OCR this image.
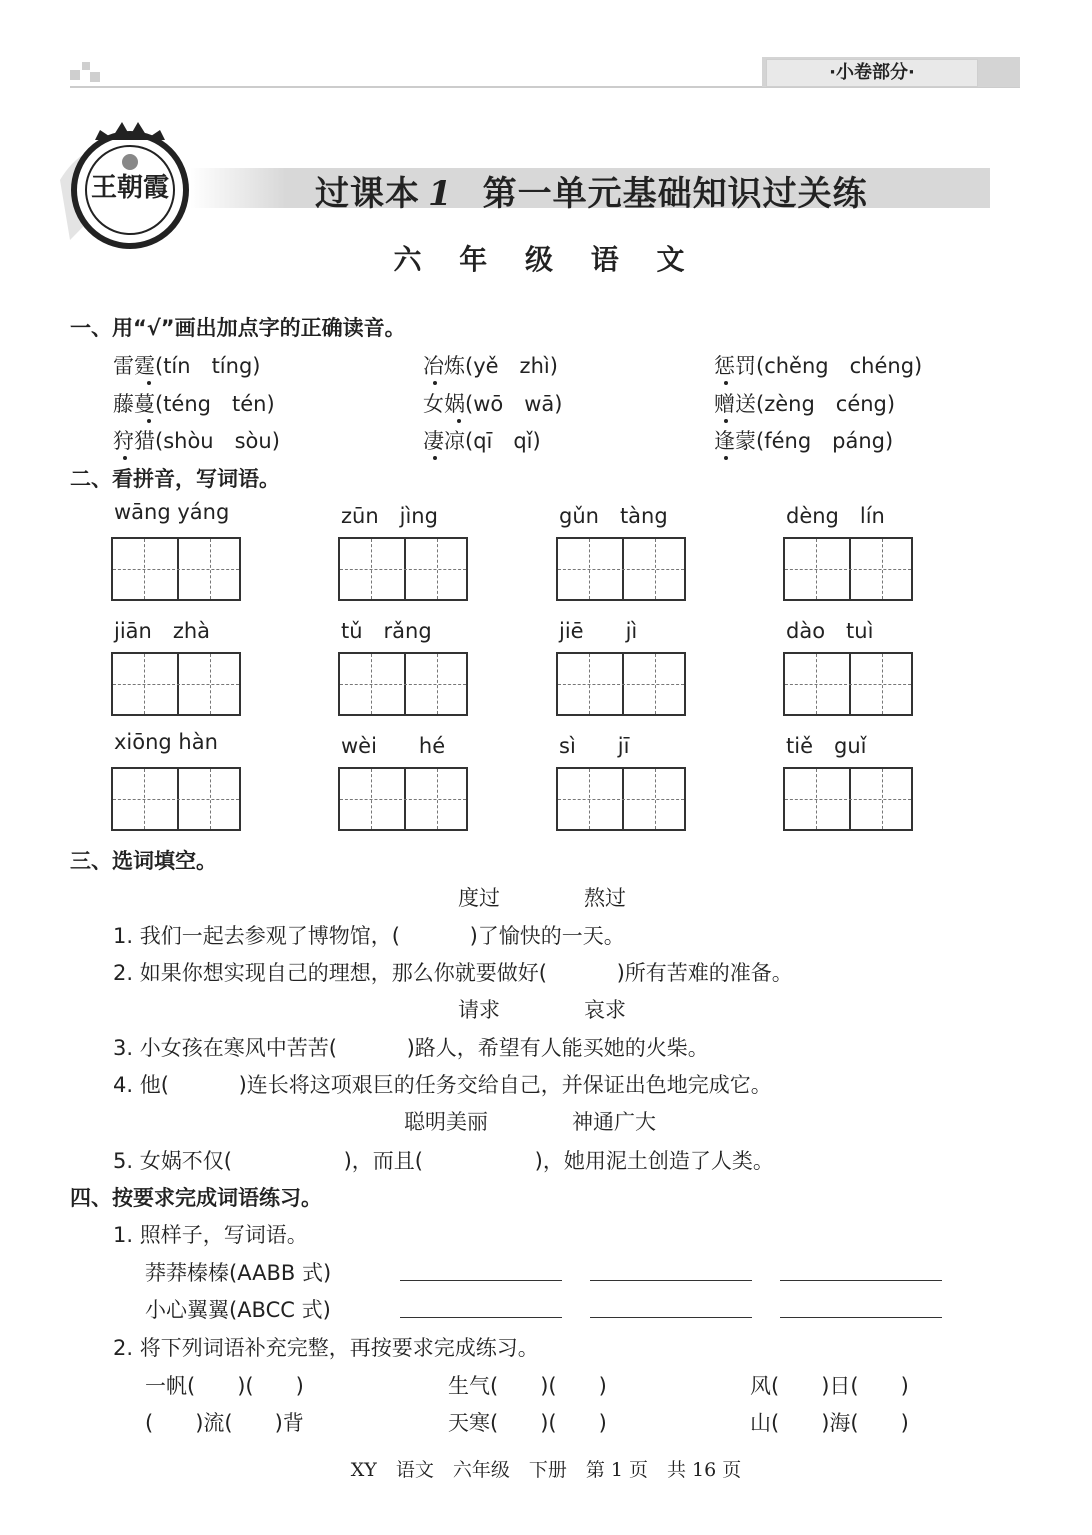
·小卷部分·
王朝霞	过课本 1 第一单元基础知识过关练
六 年 级 语 文
一、用“√”画出加点字的正确读音。
雷霆(tín　tíng)	冶炼(yě　zhì)	惩罚(chěng　chéng)
藤蔓(téng　tén)	女娲(wō　wā)	赠送(zèng　céng)
狩猎(shòu　sòu)	凄凉(qī　qǐ)	逢蒙(féng　páng)
二、看拼音，写词语。
三、选词填空。
度过　　　　熬过
1. 我们一起去参观了博物馆，(　　　 )了愉快的一天。
2. 如果你想实现自己的理想，那么你就要做好(　　　 )所有苦难的准备。
请求　　　　哀求
3. 小女孩在寒风中苦苦(　　　 )路人，希望有人能买她的火柴。
4. 他(　　　 )连长将这项艰巨的任务交给自己，并保证出色地完成它。
聪明美丽　　　　神通广大
5. 女娲不仅(　　　　　 )，而且(　　　　　 )，她用泥土创造了人类。
四、按要求完成词语练习。
1. 照样子，写词语。
莽莽榛榛(AABB 式)
小心翼翼(ABCC 式)
2. 将下列词语补充完整，再按要求完成练习。
一帆(　　)(　　)	生气(　　)(　　)	风(　　)日(　　)
(　　)流(　　)背	天寒(　　)(　　)	山(　　)海(　　)
XY　语文　六年级　下册　第 1 页　共 16 页
wāng yáng	zūn　jìng	gǔn　tàng	dèng　lín
jiān　zhà	tǔ　rǎng	jiē　　jì	dào　tuì
xiōng hàn	wèi　　hé	sì　　jī	tiě　guǐ
